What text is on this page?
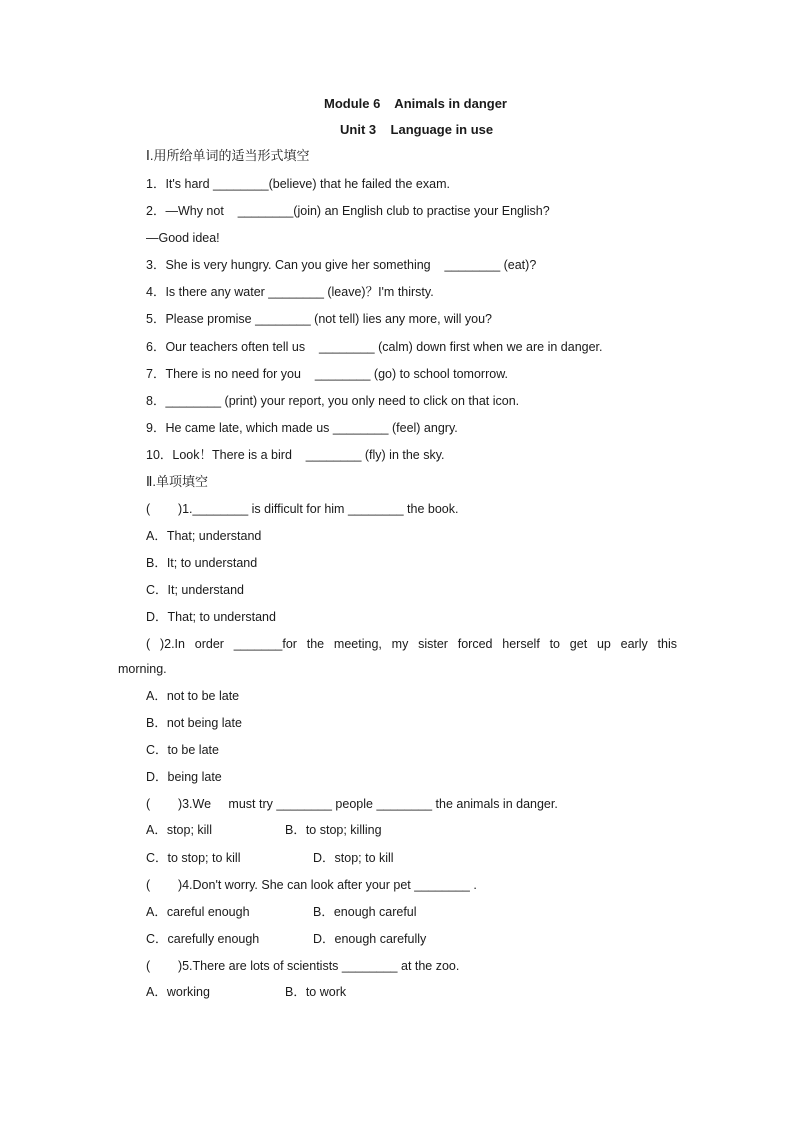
Module 6    Animals in danger
Unit 3    Language in use
Ⅰ.用所给单词的适当形式填空
1．It's hard ________(believe) that he failed the exam.
2．—Why not    ________(join) an English club to practise your English?
—Good idea!
3．She is very hungry. Can you give her something    ________ (eat)?
4．Is there any water ________ (leave)？I'm thirsty.
5．Please promise ________ (not tell) lies any more, will you?
6．Our teachers often tell us    ________ (calm) down first when we are in danger.
7．There is no need for you    ________ (go) to school tomorrow.
8．________ (print) your report, you only need to click on that icon.
9．He came late, which made us ________ (feel) angry.
10．Look！There is a bird    ________ (fly) in the sky.
Ⅱ.单项填空
(        )1.________ is difficult for him ________ the book.
A．That; understand
B．It; to understand
C．It; understand
D．That; to understand
( )2.In order _______for the meeting, my sister forced herself to get up early this
morning.
A．not to be late
B．not being late
C．to be late
D．being late
(        )3.We     must try ________ people ________ the animals in danger.
A．stop; kill	B．to stop; killing
C．to stop; to kill	D．stop; to kill
(        )4.Don't worry. She can look after your pet ________ .
A．careful enough	B．enough careful
C．carefully enough	D．enough carefully
(        )5.There are lots of scientists ________ at the zoo.
A．working	B．to work
